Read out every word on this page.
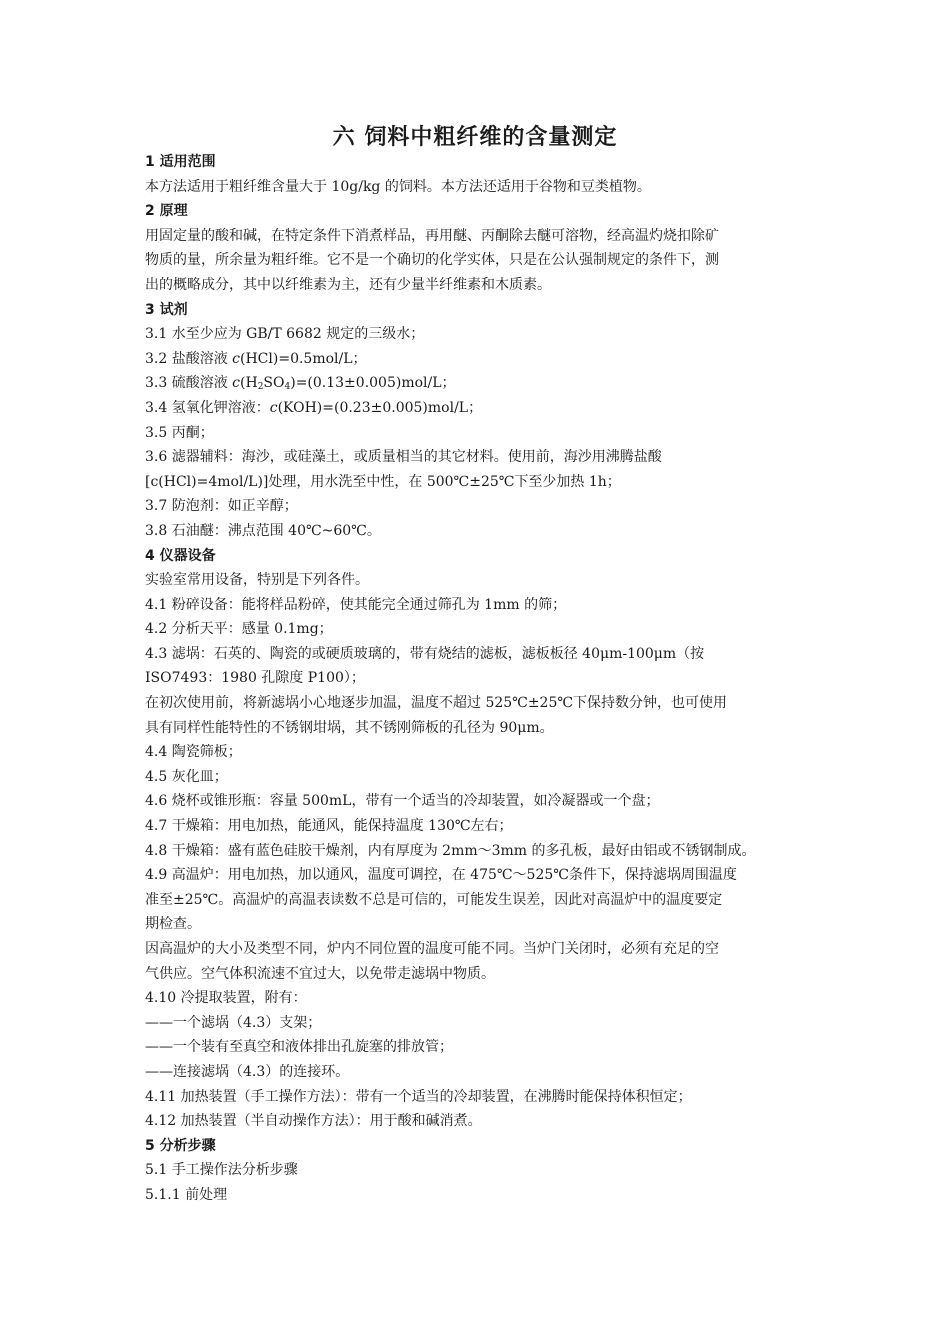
六 饲料中粗纤维的含量测定
1 适用范围
本方法适用于粗纤维含量大于 10g/kg 的饲料。本方法还适用于谷物和豆类植物。
2 原理
用固定量的酸和碱，在特定条件下消煮样品，再用醚、丙酮除去醚可溶物，经高温灼烧扣除矿
物质的量，所余量为粗纤维。它不是一个确切的化学实体，只是在公认强制规定的条件下，测
出的概略成分，其中以纤维素为主，还有少量半纤维素和木质素。
3 试剂
3.1 水至少应为 GB/T 6682 规定的三级水；
3.2 盐酸溶液 c(HCl)=0.5mol/L；
3.3 硫酸溶液 $c(H_2SO_4)=(0.13\pm 0.005)mol/L$；
3.4 氢氧化钾溶液：c(KOH)=(0.23±0.005)mol/L；
3.5 丙酮；
3.6 滤器辅料：海沙，或硅藻土，或质量相当的其它材料。使用前，海沙用沸腾盐酸
[c(HCl)=4mol/L)]处理，用水洗至中性，在 500℃±25℃下至少加热 1h；
3.7 防泡剂：如正辛醇；
3.8 石油醚：沸点范围 40℃~60℃。
4 仪器设备
实验室常用设备，特别是下列各件。
4.1 粉碎设备：能将样品粉碎，使其能完全通过筛孔为 1mm 的筛；
4.2 分析天平：感量 0.1mg；
4.3 滤埚：石英的、陶瓷的或硬质玻璃的，带有烧结的滤板，滤板板径 40μm-100μm（按
ISO7493：1980 孔隙度 P100）；
在初次使用前，将新滤埚小心地逐步加温，温度不超过 525℃±25℃下保持数分钟，也可使用
具有同样性能特性的不锈钢坩埚，其不锈刚筛板的孔径为 90μm。
4.4 陶瓷筛板；
4.5 灰化皿；
4.6 烧杯或锥形瓶：容量 500mL，带有一个适当的冷却装置，如冷凝器或一个盘；
4.7 干燥箱：用电加热，能通风，能保持温度 130℃左右；
4.8 干燥箱：盛有蓝色硅胶干燥剂，内有厚度为 2mm～3mm 的多孔板，最好由铝或不锈钢制成。
4.9 高温炉：用电加热，加以通风，温度可调控，在 475℃～525℃条件下，保持滤埚周围温度
准至±25℃。高温炉的高温表读数不总是可信的，可能发生误差，因此对高温炉中的温度要定
期检查。
因高温炉的大小及类型不同，炉内不同位置的温度可能不同。当炉门关闭时，必须有充足的空
气供应。空气体积流速不宜过大，以免带走滤埚中物质。
4.10 冷提取装置，附有：
——一个滤埚（4.3）支架；
——一个装有至真空和液体排出孔旋塞的排放管；
——连接滤埚（4.3）的连接环。
4.11 加热装置（手工操作方法）：带有一个适当的冷却装置，在沸腾时能保持体积恒定；
4.12 加热装置（半自动操作方法）：用于酸和碱消煮。
5 分析步骤
5.1 手工操作法分析步骤
5.1.1 前处理
